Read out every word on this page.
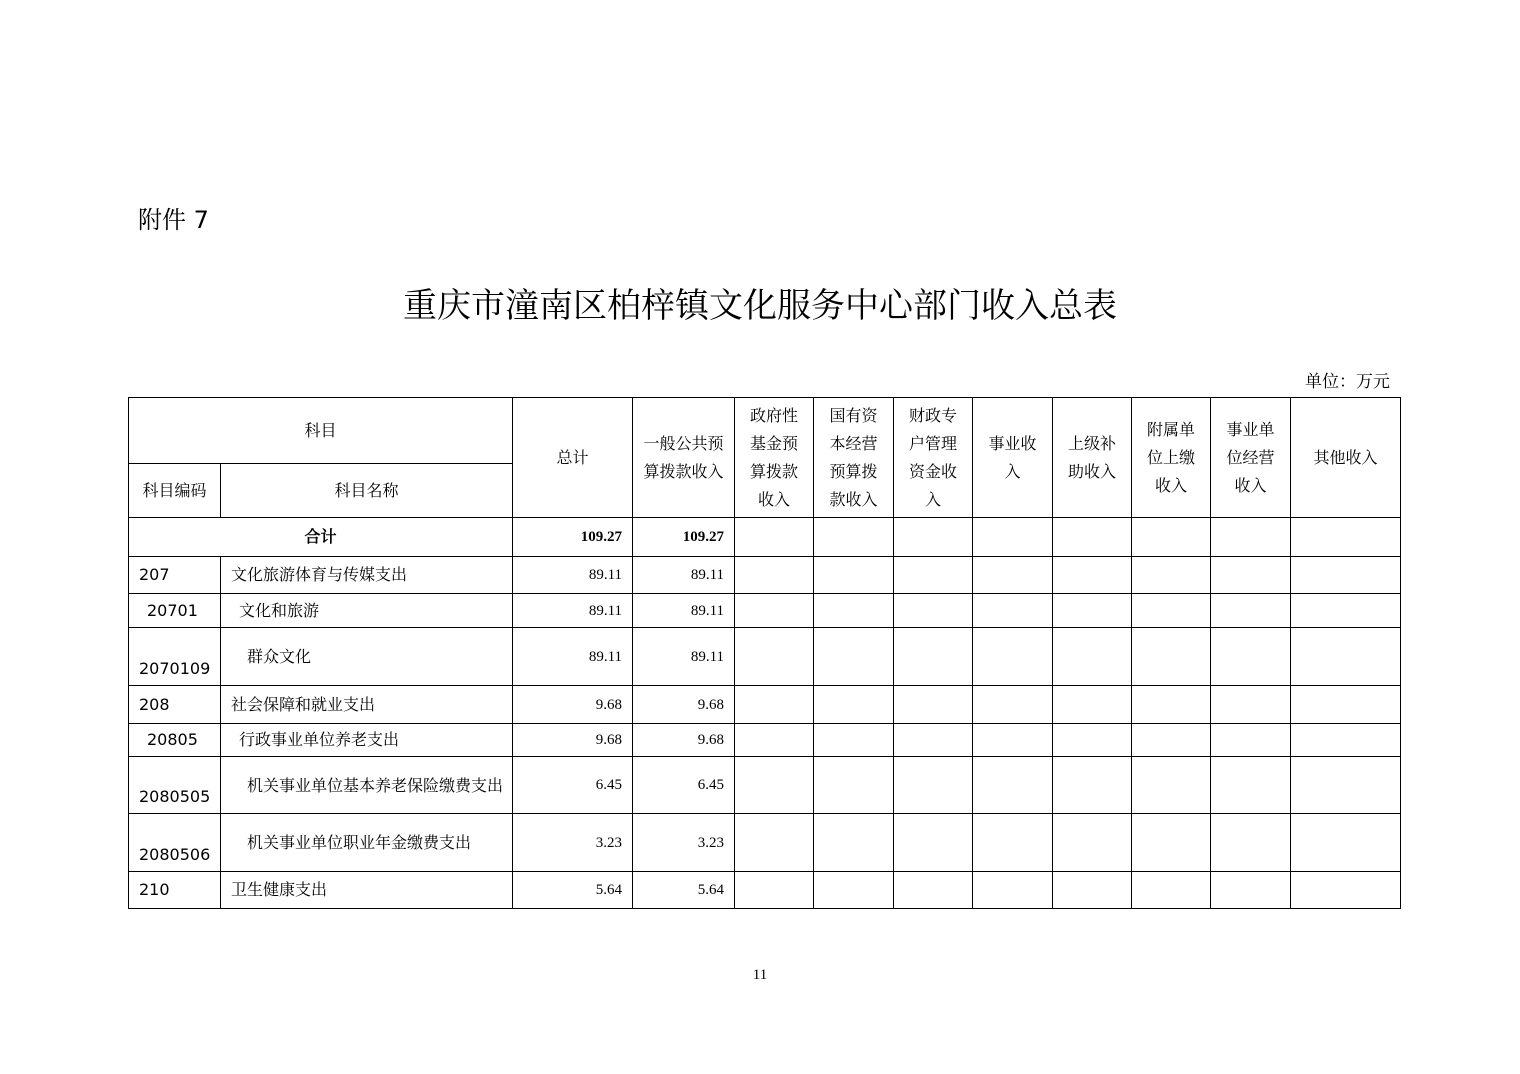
附件 7
重庆市潼南区柏梓镇文化服务中心部门收入总表
单位：万元
科目		总计	一般公共预算拨款收入	政府性基金预算拨款收入	国有资本经营预算拨款收入	财政专户管理资金收入	事业收入	上级补助收入	附属单位上缴收入	事业单位经营收入	其他收入
科目编码	科目名称										
合计		109.27	109.27								
207	文化旅游体育与传媒支出	89.11	89.11								
20701	文化和旅游	89.11	89.11								
2070109	群众文化	89.11	89.11								
208	社会保障和就业支出	9.68	9.68								
20805	行政事业单位养老支出	9.68	9.68								
2080505	机关事业单位基本养老保险缴费支出	6.45	6.45								
2080506	机关事业单位职业年金缴费支出	3.23	3.23								
210	卫生健康支出	5.64	5.64								
11
